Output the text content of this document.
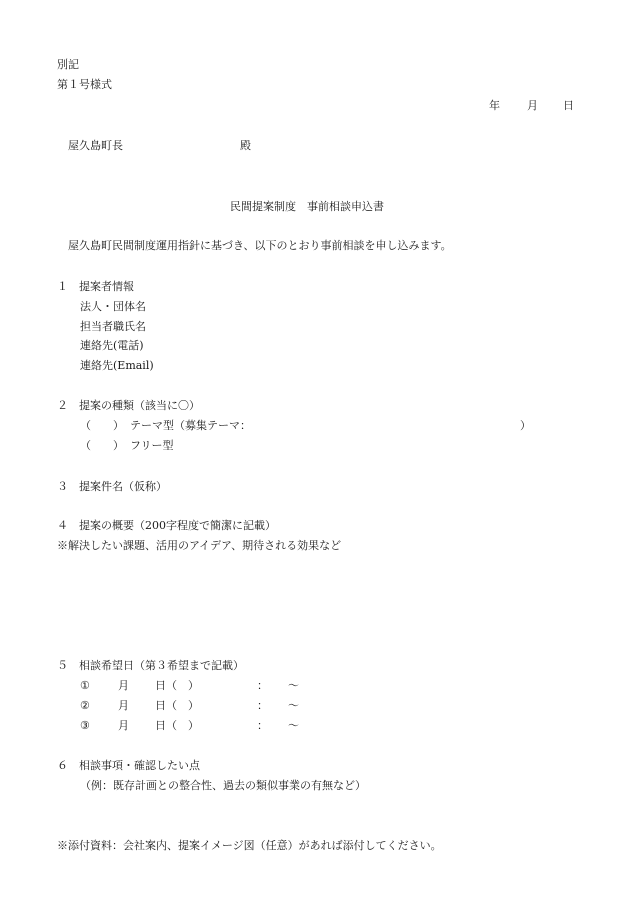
別記
第１号様式
年 月 日
屋久島町長	殿
民間提案制度　事前相談申込書
屋久島町民間制度運用指針に基づき、以下のとおり事前相談を申し込みます。
１　提案者情報
法人・団体名
担当者職氏名
連絡先(電話)
連絡先(Email)
２　提案の種類（該当に〇）
（　　） テーマ型（募集テーマ：	）
（　　） フリー型
３　提案件名（仮称）
４　提案の概要（200字程度で簡潔に記載）
※解決したい課題、活用のアイデア、期待される効果など
５　相談希望日（第３希望まで記載）
①	月 日（　）	： ～
②	月 日（　）	： ～
③	月 日（　）	： ～
６　相談事項・確認したい点
（例：既存計画との整合性、過去の類似事業の有無など）
※添付資料：会社案内、提案イメージ図（任意）があれば添付してください。
